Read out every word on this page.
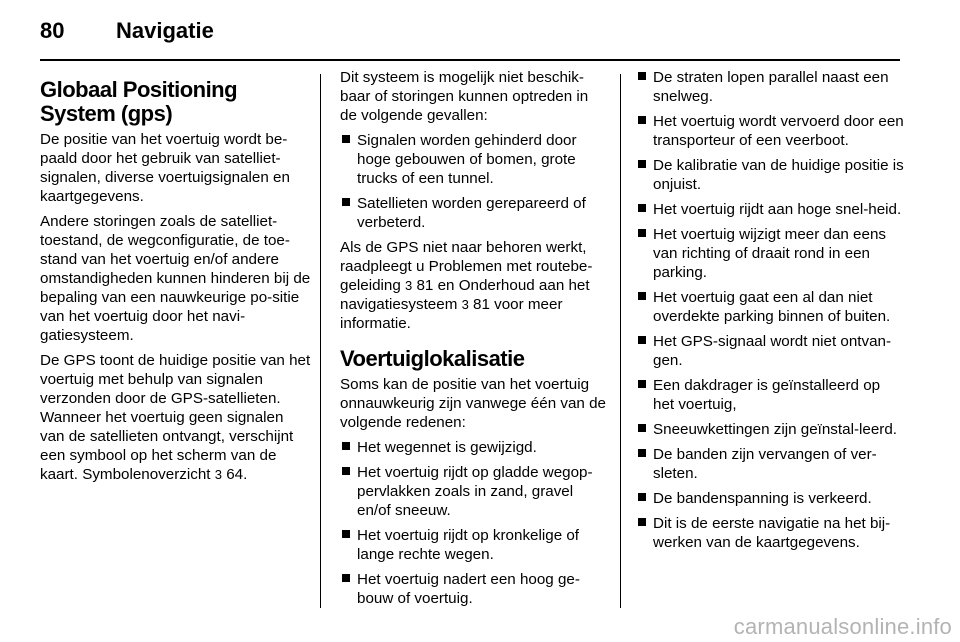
80 Navigatie
Globaal Positioning System (gps)

De positie van het voertuig wordt be-paald door het gebruik van satelliet-signalen, diverse voertuigsignalen en kaartgegevens.

Andere storingen zoals de satelliet-toestand, de wegconfiguratie, de toe-stand van het voertuig en/of andere omstandigheden kunnen hinderen bij de bepaling van een nauwkeurige po-sitie van het voertuig door het navi-gatiesysteem.

De GPS toont de huidige positie van het voertuig met behulp van signalen verzonden door de GPS-satellieten. Wanneer het voertuig geen signalen van de satellieten ontvangt, verschijnt een symbool op het scherm van de kaart. Symbolenoverzicht 3 64.

Dit systeem is mogelijk niet beschik-baar of storingen kunnen optreden in de volgende gevallen:

Signalen worden gehinderd door hoge gebouwen of bomen, grote trucks of een tunnel.
Satellieten worden gerepareerd of verbeterd.

Als de GPS niet naar behoren werkt, raadpleegt u Problemen met routebe-geleiding 3 81 en Onderhoud aan het navigatiesysteem 3 81 voor meer informatie.

Voertuiglokalisatie

Soms kan de positie van het voertuig onnauwkeurig zijn vanwege één van de volgende redenen:

Het wegennet is gewijzigd.
Het voertuig rijdt op gladde wegop-pervlakken zoals in zand, gravel en/of sneeuw.
Het voertuig rijdt op kronkelige of lange rechte wegen.
Het voertuig nadert een hoog ge-bouw of voertuig.
De straten lopen parallel naast een snelweg.
Het voertuig wordt vervoerd door een transporteur of een veerboot.
De kalibratie van de huidige positie is onjuist.
Het voertuig rijdt aan hoge snel-heid.
Het voertuig wijzigt meer dan eens van richting of draait rond in een parking.
Het voertuig gaat een al dan niet overdekte parking binnen of buiten.
Het GPS-signaal wordt niet ontvan-gen.
Een dakdrager is geïnstalleerd op het voertuig,
Sneeuwkettingen zijn geïnstal-leerd.
De banden zijn vervangen of ver-sleten.
De bandenspanning is verkeerd.
Dit is de eerste navigatie na het bij-werken van de kaartgegevens.
carmanualsonline.info
